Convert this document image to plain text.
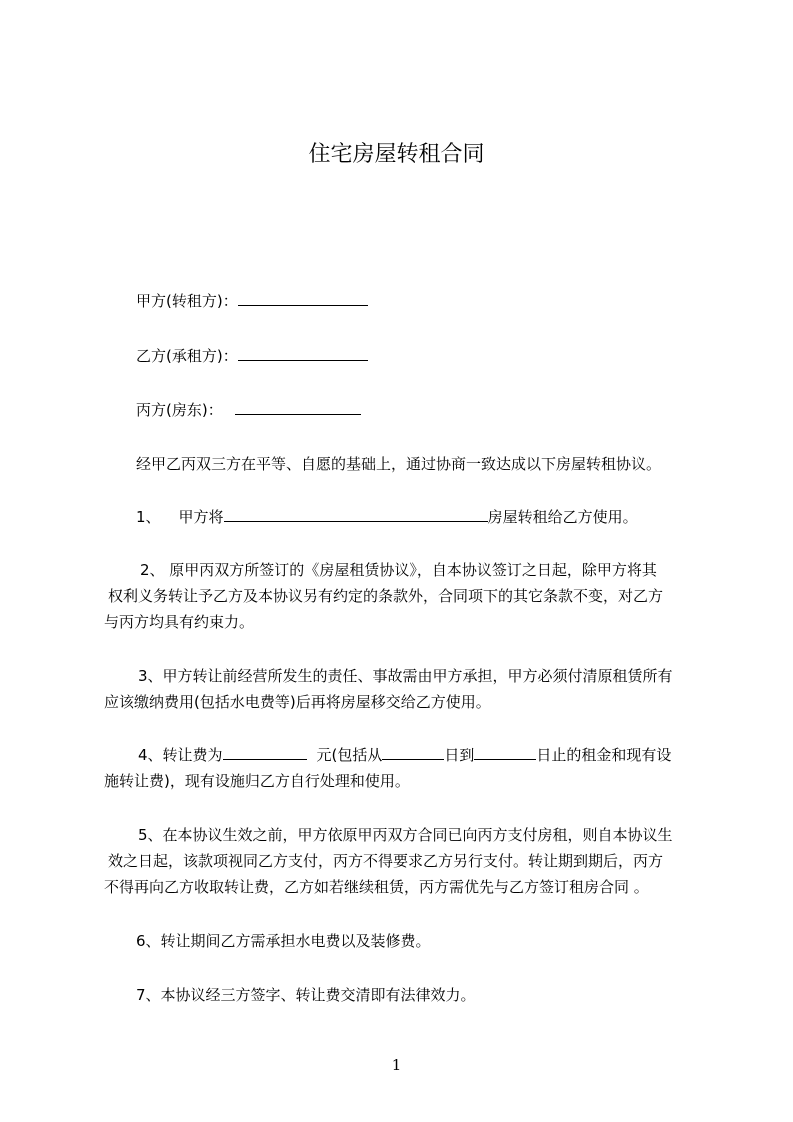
住宅房屋转租合同
甲方(转租方)：
乙方(承租方)：
丙方(房东)：
经甲乙丙双三方在平等、自愿的基础上，通过协商一致达成以下房屋转租协议。
1、 甲方将	房屋转租给乙方使用。
2、 原甲丙双方所签订的《房屋租赁协议》，自本协议签订之日起，除甲方将其
权利义务转让予乙方及本协议另有约定的条款外，合同项下的其它条款不变，对乙方
与丙方均具有约束力。
3、甲方转让前经营所发生的责任、事故需由甲方承担，甲方必须付清原租赁所有
应该缴纳费用(包括水电费等)后再将房屋移交给乙方使用。
4、转让费为	元(包括从	日到	日止的租金和现有设
施转让费)，现有设施归乙方自行处理和使用。
5、在本协议生效之前，甲方依原甲丙双方合同已向丙方支付房租，则自本协议生
效之日起，该款项视同乙方支付，丙方不得要求乙方另行支付。转让期到期后，丙方
不得再向乙方收取转让费，乙方如若继续租赁，丙方需优先与乙方签订租房合同 。
6、转让期间乙方需承担水电费以及装修费。
7、本协议经三方签字、转让费交清即有法律效力。
1
